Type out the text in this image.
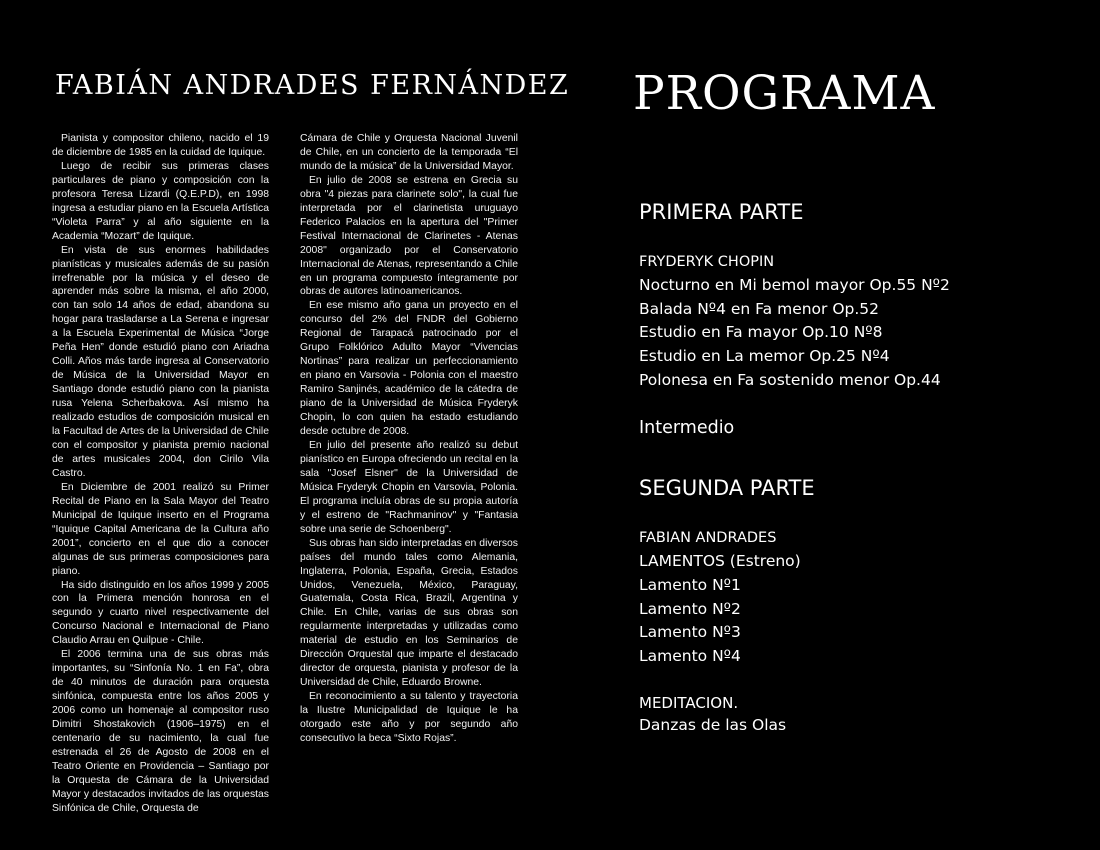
FABIÁN ANDRADES FERNÁNDEZ

Pianista y compositor chileno, nacido el 19 de diciembre de 1985 en la cuidad de Iquique.

Luego de recibir sus primeras clases particulares de piano y composición con la profesora Teresa Lizardi (Q.E.P.D), en 1998 ingresa a estudiar piano en la Escuela Artística “Violeta Parra” y al año siguiente en la Academia “Mozart” de Iquique.

En vista de sus enormes habilidades pianísticas y musicales además de su pasión irrefrenable por la música y el deseo de aprender más sobre la misma, el año 2000, con tan solo 14 años de edad, abandona su hogar para trasladarse a La Serena e ingresar a la Escuela Experimental de Música “Jorge Peña Hen” donde estudió piano con Ariadna Colli. Años más tarde ingresa al Conservatorio de Música de la Universidad Mayor en Santiago donde estudió piano con la pianista rusa Yelena Scherbakova. Así mismo ha realizado estudios de composición musical en la Facultad de Artes de la Universidad de Chile con el compositor y pianista premio nacional de artes musicales 2004, don Cirilo Vila Castro.

En Diciembre de 2001 realizó su Primer Recital de Piano en la Sala Mayor del Teatro Municipal de Iquique inserto en el Programa “Iquique Capital Americana de la Cultura año 2001”, concierto en el que dio a conocer algunas de sus primeras composiciones para piano.

Ha sido distinguido en los años 1999 y 2005 con la Primera mención honrosa en el segundo y cuarto nivel respectivamente del Concurso Nacional e Internacional de Piano Claudio Arrau en Quilpue - Chile.

El 2006 termina una de sus obras más importantes, su “Sinfonía No. 1 en Fa”, obra de 40 minutos de duración para orquesta sinfónica, compuesta entre los años 2005 y 2006 como un homenaje al compositor ruso Dimitri Shostakovich (1906–1975) en el centenario de su nacimiento, la cual fue estrenada el 26 de Agosto de 2008 en el Teatro Oriente en Providencia – Santiago por la Orquesta de Cámara de la Universidad Mayor y destacados invitados de las orquestas Sinfónica de Chile, Orquesta de

Cámara de Chile y Orquesta Nacional Juvenil de Chile, en un concierto de la temporada “El mundo de la música” de la Universidad Mayor.

En julio de 2008 se estrena en Grecia su obra "4 piezas para clarinete solo", la cual fue interpretada por el clarinetista uruguayo Federico Palacios en la apertura del "Primer Festival Internacional de Clarinetes - Atenas 2008" organizado por el Conservatorio Internacional de Atenas, representando a Chile en un programa compuesto íntegramente por obras de autores latinoamericanos.

En ese mismo año gana un proyecto en el concurso del 2% del FNDR del Gobierno Regional de Tarapacá patrocinado por el Grupo Folklórico Adulto Mayor “Vivencias Nortinas” para realizar un perfeccionamiento en piano en Varsovia - Polonia con el maestro Ramiro Sanjinés, académico de la cátedra de piano de la Universidad de Música Fryderyk Chopin, lo con quien ha estado estudiando desde octubre de 2008.

En julio del presente año realizó su debut pianístico en Europa ofreciendo un recital en la sala "Josef Elsner" de la Universidad de Música Fryderyk Chopin en Varsovia, Polonia. El programa incluía obras de su propia autoría y el estreno de "Rachmaninov" y "Fantasia sobre una serie de Schoenberg".

Sus obras han sido interpretadas en diversos países del mundo tales como Alemania, Inglaterra, Polonia, España, Grecia, Estados Unidos, Venezuela, México, Paraguay, Guatemala, Costa Rica, Brazil, Argentina y Chile. En Chile, varias de sus obras son regularmente interpretadas y utilizadas como material de estudio en los Seminarios de Dirección Orquestal que imparte el destacado director de orquesta, pianista y profesor de la Universidad de Chile, Eduardo Browne.

En reconocimiento a su talento y trayectoria la Ilustre Municipalidad de Iquique le ha otorgado este año y por segundo año consecutivo la beca “Sixto Rojas”.

PROGRAMA
PRIMERA PARTE
FRYDERYK CHOPIN
Nocturno en Mi bemol mayor Op.55 Nº2
Balada Nº4 en Fa menor Op.52
Estudio en Fa mayor Op.10 Nº8
Estudio en La memor Op.25 Nº4
Polonesa en Fa sostenido menor Op.44
Intermedio
SEGUNDA PARTE
FABIAN ANDRADES
LAMENTOS (Estreno)
Lamento Nº1
Lamento Nº2
Lamento Nº3
Lamento Nº4
MEDITACION.
Danzas de las Olas
